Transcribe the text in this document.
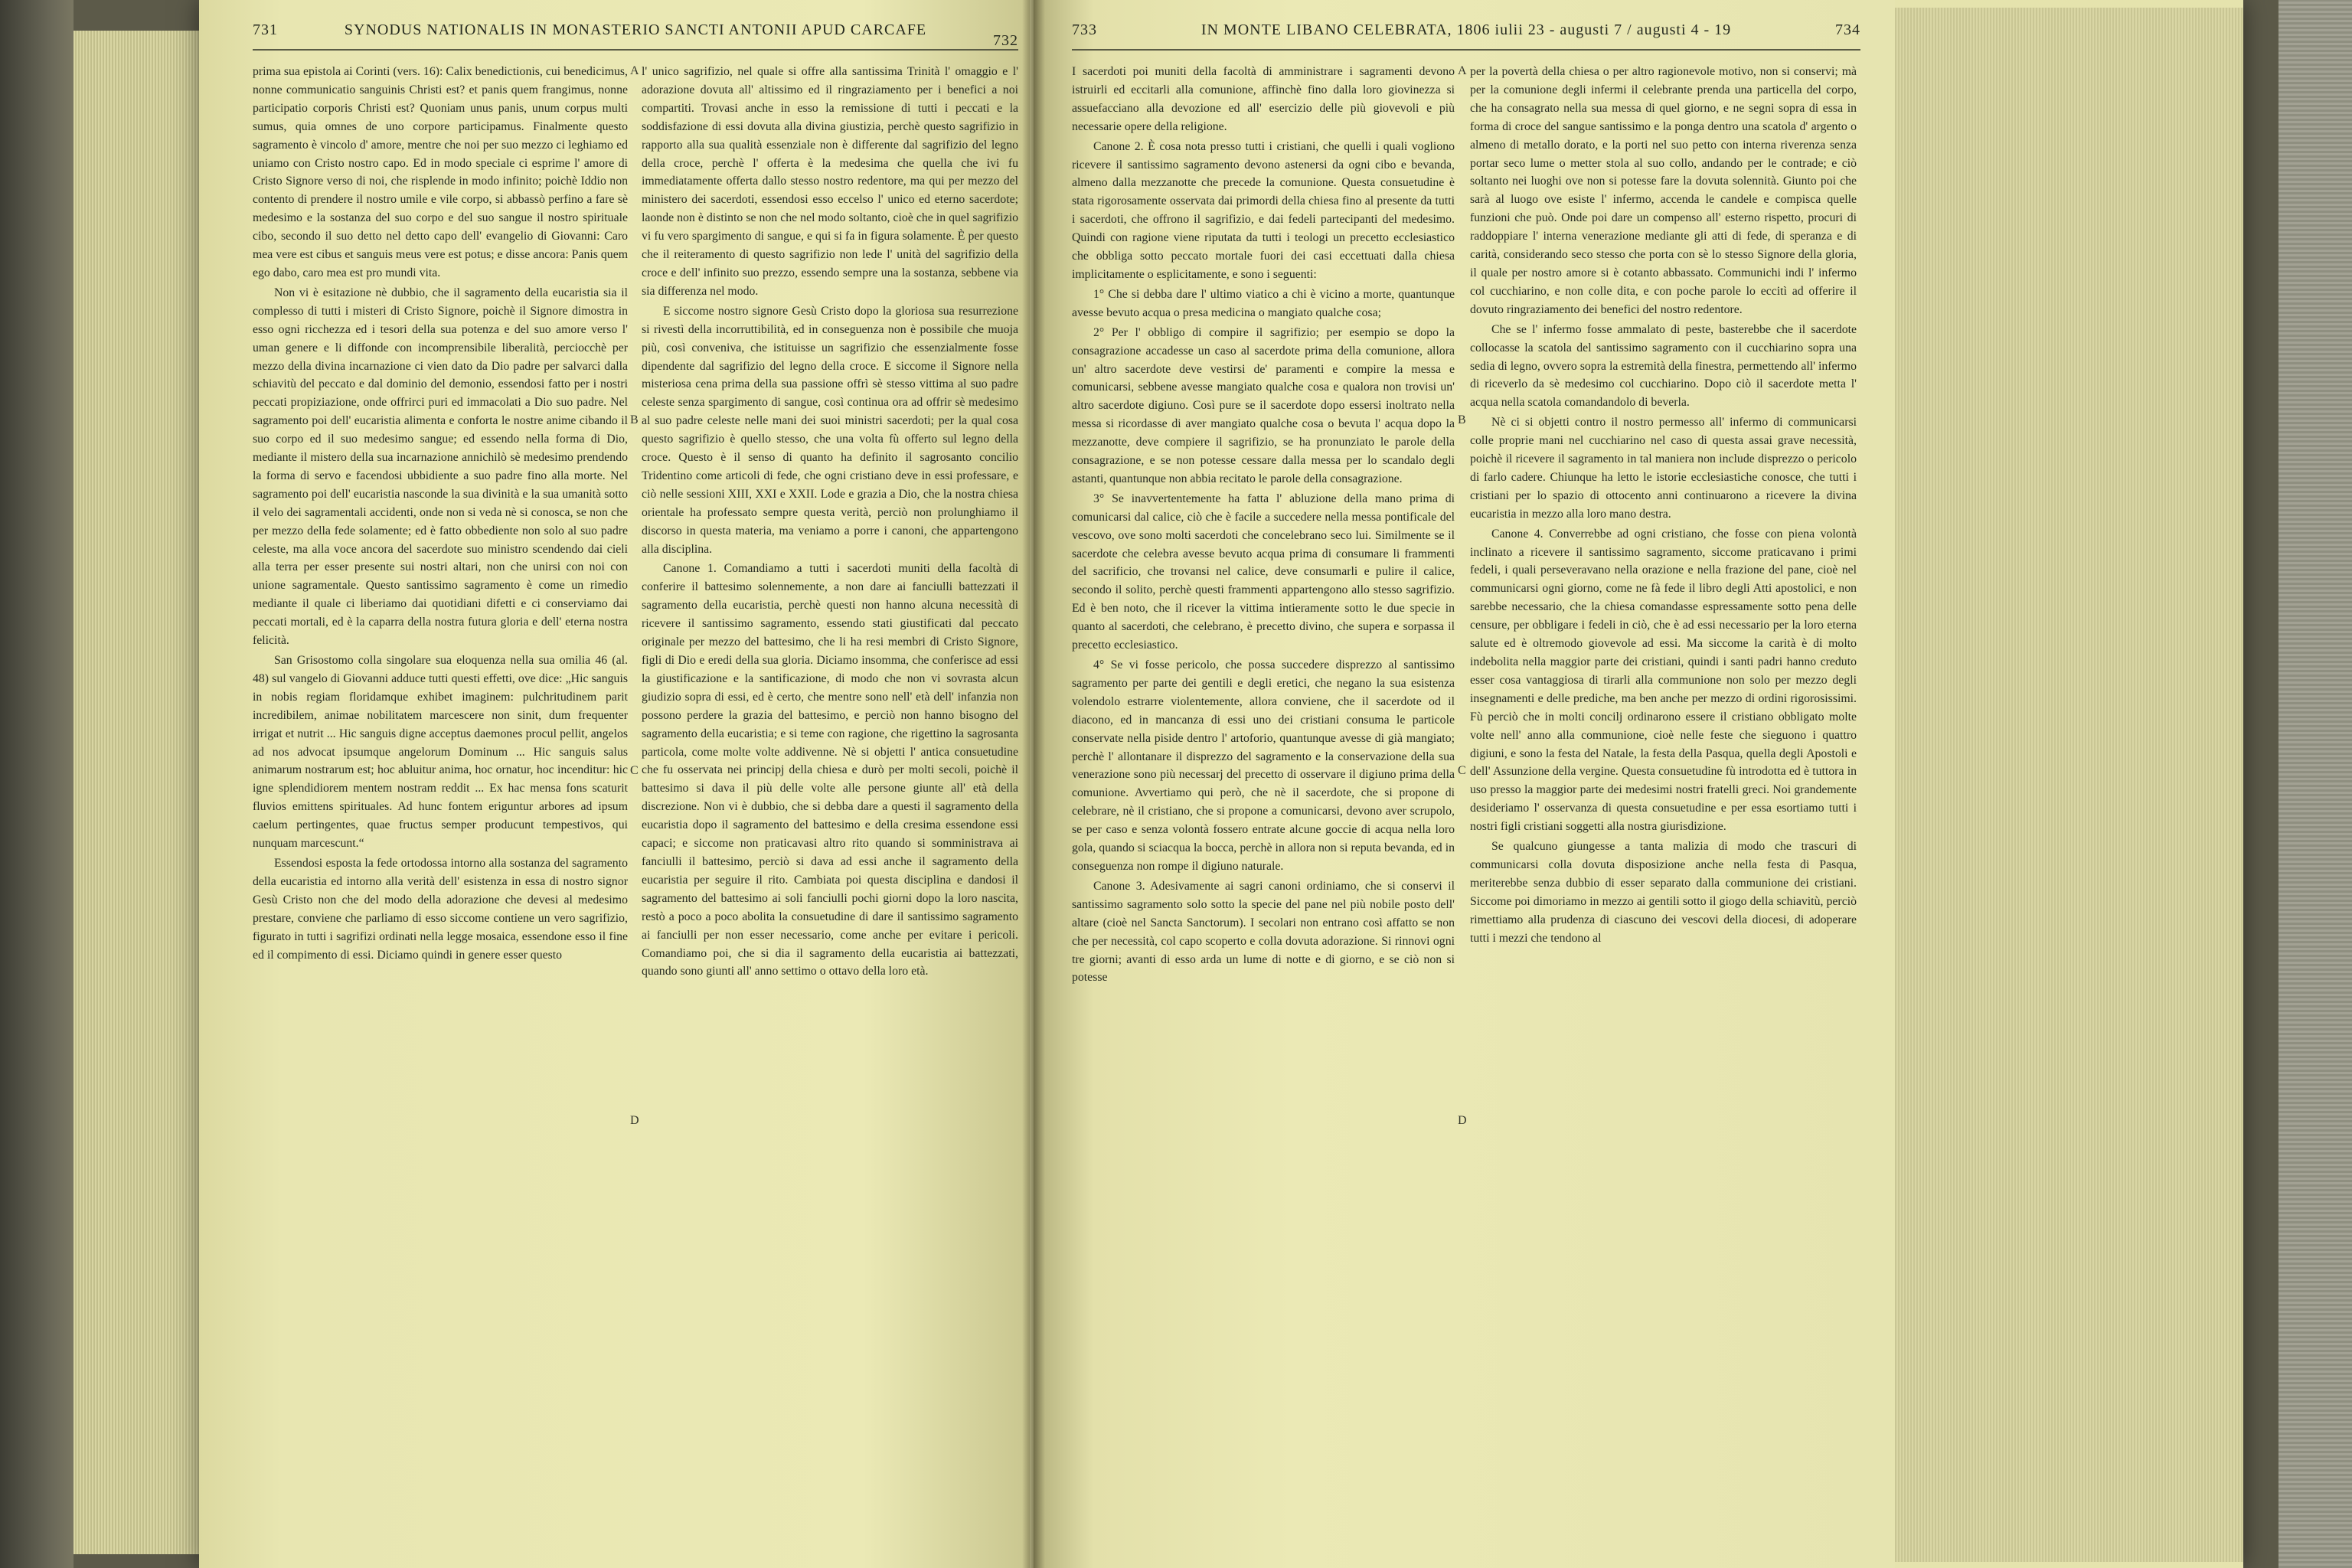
731	SYNODUS NATIONALIS IN MONASTERIO SANCTI ANTONII APUD CARCAFE
732

prima sua epistola ai Corinti (vers. 16): Calix benedictionis, cui benedicimus, nonne communicatio sanguinis Christi est? et panis quem frangimus, nonne participatio corporis Christi est? Quoniam unus panis, unum corpus multi sumus, quia omnes de uno corpore participamus. Finalmente questo sagramento è vincolo d' amore, mentre che noi per suo mezzo ci leghiamo ed uniamo con Cristo nostro capo. Ed in modo speciale ci esprime l' amore di Cristo Signore verso di noi, che risplende in modo infinito; poichè Iddio non contento di prendere il nostro umile e vile corpo, si abbassò perfino a fare sè medesimo e la sostanza del suo corpo e del suo sangue il nostro spirituale cibo, secondo il suo detto nel detto capo dell' evangelio di Giovanni: Caro mea vere est cibus et sanguis meus vere est potus; e disse ancora: Panis quem ego dabo, caro mea est pro mundi vita.

Non vi è esitazione nè dubbio, che il sagramento della eucaristia sia il complesso di tutti i misteri di Cristo Signore, poichè il Signore dimostra in esso ogni ricchezza ed i tesori della sua potenza e del suo amore verso l' uman genere e li diffonde con incomprensibile liberalità, perciocchè per mezzo della divina incarnazione ci vien dato da Dio padre per salvarci dalla schiavitù del peccato e dal dominio del demonio, essendosi fatto per i nostri peccati propiziazione, onde offrirci puri ed immacolati a Dio suo padre. Nel sagramento poi dell' eucaristia alimenta e conforta le nostre anime cibando il suo corpo ed il suo medesimo sangue; ed essendo nella forma di Dio, mediante il mistero della sua incarnazione annichilò sè medesimo prendendo la forma di servo e facendosi ubbidiente a suo padre fino alla morte. Nel sagramento poi dell' eucaristia nasconde la sua divinità e la sua umanità sotto il velo dei sagramentali accidenti, onde non si veda nè si conosca, se non che per mezzo della fede solamente; ed è fatto obbediente non solo al suo padre celeste, ma alla voce ancora del sacerdote suo ministro scendendo dai cieli alla terra per esser presente sui nostri altari, non che unirsi con noi con unione sagramentale. Questo santissimo sagramento è come un rimedio mediante il quale ci liberiamo dai quotidiani difetti e ci conserviamo dai peccati mortali, ed è la caparra della nostra futura gloria e dell' eterna nostra felicità.

San Grisostomo colla singolare sua eloquenza nella sua omilia 46 (al. 48) sul vangelo di Giovanni adduce tutti questi effetti, ove dice: „Hic sanguis in nobis regiam floridamque exhibet imaginem: pulchritudinem parit incredibilem, animae nobilitatem marcescere non sinit, dum frequenter irrigat et nutrit ... Hic sanguis digne acceptus daemones procul pellit, angelos ad nos advocat ipsumque angelorum Dominum ... Hic sanguis salus animarum nostrarum est; hoc abluitur anima, hoc ornatur, hoc incenditur: hic igne splendidiorem mentem nostram reddit ... Ex hac mensa fons scaturit fluvios emittens spirituales. Ad hunc fontem eriguntur arbores ad ipsum caelum pertingentes, quae fructus semper producunt tempestivos, qui nunquam marcescunt.“

Essendosi esposta la fede ortodossa intorno alla sostanza del sagramento della eucaristia ed intorno alla verità dell' esistenza in essa di nostro signor Gesù Cristo non che del modo della adorazione che devesi al medesimo prestare, conviene che parliamo di esso siccome contiene un vero sagrifizio, figurato in tutti i sagrifizi ordinati nella legge mosaica, essendone esso il fine ed il compimento di essi. Diciamo quindi in genere esser questo

A
B
C
D

l' unico sagrifizio, nel quale si offre alla santissima Trinità l' omaggio e l' adorazione dovuta all' altissimo ed il ringraziamento per i benefici a noi compartiti. Trovasi anche in esso la remissione di tutti i peccati e la soddisfazione di essi dovuta alla divina giustizia, perchè questo sagrifizio in rapporto alla sua qualità essenziale non è differente dal sagrifizio del legno della croce, perchè l' offerta è la medesima che quella che ivi fu immediatamente offerta dallo stesso nostro redentore, ma qui per mezzo del ministero dei sacerdoti, essendosi esso eccelso l' unico ed eterno sacerdote; laonde non è distinto se non che nel modo soltanto, cioè che in quel sagrifizio vi fu vero spargimento di sangue, e qui si fa in figura solamente. È per questo che il reiteramento di questo sagrifizio non lede l' unità del sagrifizio della croce e dell' infinito suo prezzo, essendo sempre una la sostanza, sebbene via sia differenza nel modo.

E siccome nostro signore Gesù Cristo dopo la gloriosa sua resurrezione si rivestì della incorruttibilità, ed in conseguenza non è possibile che muoja più, così conveniva, che istituisse un sagrifizio che essenzialmente fosse dipendente dal sagrifizio del legno della croce. E siccome il Signore nella misteriosa cena prima della sua passione offrì sè stesso vittima al suo padre celeste senza spargimento di sangue, così continua ora ad offrir sè medesimo al suo padre celeste nelle mani dei suoi ministri sacerdoti; per la qual cosa questo sagrifizio è quello stesso, che una volta fù offerto sul legno della croce. Questo è il senso di quanto ha definito il sagrosanto concilio Tridentino come articoli di fede, che ogni cristiano deve in essi professare, e ciò nelle sessioni XIII, XXI e XXII. Lode e grazia a Dio, che la nostra chiesa orientale ha professato sempre questa verità, perciò non prolunghiamo il discorso in questa materia, ma veniamo a porre i canoni, che appartengono alla disciplina.

Canone 1. Comandiamo a tutti i sacerdoti muniti della facoltà di conferire il battesimo solennemente, a non dare ai fanciulli battezzati il sagramento della eucaristia, perchè questi non hanno alcuna necessità di ricevere il santissimo sagramento, essendo stati giustificati dal peccato originale per mezzo del battesimo, che li ha resi membri di Cristo Signore, figli di Dio e eredi della sua gloria. Diciamo insomma, che conferisce ad essi la giustificazione e la santificazione, di modo che non vi sovrasta alcun giudizio sopra di essi, ed è certo, che mentre sono nell' età dell' infanzia non possono perdere la grazia del battesimo, e perciò non hanno bisogno del sagramento della eucaristia; e si teme con ragione, che rigettino la sagrosanta particola, come molte volte addivenne. Nè si objetti l' antica consuetudine che fu osservata nei principj della chiesa e durò per molti secoli, poichè il battesimo si dava il più delle volte alle persone giunte all' età della discrezione. Non vi è dubbio, che si debba dare a questi il sagramento della eucaristia dopo il sagramento del battesimo e della cresima essendone essi capaci; e siccome non praticavasi altro rito quando si somministrava ai fanciulli il battesimo, perciò si dava ad essi anche il sagramento della eucaristia per seguire il rito. Cambiata poi questa disciplina e dandosi il sagramento del battesimo ai soli fanciulli pochi giorni dopo la loro nascita, restò a poco a poco abolita la consuetudine di dare il santissimo sagramento ai fanciulli per non esser necessario, come anche per evitare i pericoli. Comandiamo poi, che si dia il sagramento della eucaristia ai battezzati, quando sono giunti all' anno settimo o ottavo della loro età.

733	IN MONTE LIBANO CELEBRATA, 1806 iulii 23 - augusti 7 / augusti 4 - 19	734

I sacerdoti poi muniti della facoltà di amministrare i sagramenti devono istruirli ed eccitarli alla comunione, affinchè fino dalla loro giovinezza si assuefacciano alla devozione ed all' esercizio delle più giovevoli e più necessarie opere della religione.

Canone 2. È cosa nota presso tutti i cristiani, che quelli i quali vogliono ricevere il santissimo sagramento devono astenersi da ogni cibo e bevanda, almeno dalla mezzanotte che precede la comunione. Questa consuetudine è stata rigorosamente osservata dai primordi della chiesa fino al presente da tutti i sacerdoti, che offrono il sagrifizio, e dai fedeli partecipanti del medesimo. Quindi con ragione viene riputata da tutti i teologi un precetto ecclesiastico che obbliga sotto peccato mortale fuori dei casi eccettuati dalla chiesa implicitamente o esplicitamente, e sono i seguenti:

1° Che si debba dare l' ultimo viatico a chi è vicino a morte, quantunque avesse bevuto acqua o presa medicina o mangiato qualche cosa;

2° Per l' obbligo di compire il sagrifizio; per esempio se dopo la consagrazione accadesse un caso al sacerdote prima della comunione, allora un' altro sacerdote deve vestirsi de' paramenti e compire la messa e comunicarsi, sebbene avesse mangiato qualche cosa e qualora non trovisi un' altro sacerdote digiuno. Così pure se il sacerdote dopo essersi inoltrato nella messa si ricordasse di aver mangiato qualche cosa o bevuta l' acqua dopo la mezzanotte, deve compiere il sagrifizio, se ha pronunziato le parole della consagrazione, e se non potesse cessare dalla messa per lo scandalo degli astanti, quantunque non abbia recitato le parole della consagrazione.

3° Se inavvertentemente ha fatta l' abluzione della mano prima di comunicarsi dal calice, ciò che è facile a succedere nella messa pontificale del vescovo, ove sono molti sacerdoti che concelebrano seco lui. Similmente se il sacerdote che celebra avesse bevuto acqua prima di consumare li frammenti del sacrificio, che trovansi nel calice, deve consumarli e pulire il calice, secondo il solito, perchè questi frammenti appartengono allo stesso sagrifizio. Ed è ben noto, che il ricever la vittima intieramente sotto le due specie in quanto al sacerdoti, che celebrano, è precetto divino, che supera e sorpassa il precetto ecclesiastico.

4° Se vi fosse pericolo, che possa succedere disprezzo al santissimo sagramento per parte dei gentili e degli eretici, che negano la sua esistenza volendolo estrarre violentemente, allora conviene, che il sacerdote od il diacono, ed in mancanza di essi uno dei cristiani consuma le particole conservate nella piside dentro l' artoforio, quantunque avesse di già mangiato; perchè l' allontanare il disprezzo del sagramento e la conservazione della sua venerazione sono più necessarj del precetto di osservare il digiuno prima della comunione. Avvertiamo qui però, che nè il sacerdote, che si propone di celebrare, nè il cristiano, che si propone a comunicarsi, devono aver scrupolo, se per caso e senza volontà fossero entrate alcune goccie di acqua nella loro gola, quando si sciacqua la bocca, perchè in allora non si reputa bevanda, ed in conseguenza non rompe il digiuno naturale.

Canone 3. Adesivamente ai sagri canoni ordiniamo, che si conservi il santissimo sagramento solo sotto la specie del pane nel più nobile posto dell' altare (cioè nel Sancta Sanctorum). I secolari non entrano così affatto se non che per necessità, col capo scoperto e colla dovuta adorazione. Si rinnovi ogni tre giorni; avanti di esso arda un lume di notte e di giorno, e se ciò non si potesse

A
B
C
D

per la povertà della chiesa o per altro ragionevole motivo, non si conservi; mà per la comunione degli infermi il celebrante prenda una particella del corpo, che ha consagrato nella sua messa di quel giorno, e ne segni sopra di essa in forma di croce del sangue santissimo e la ponga dentro una scatola d' argento o almeno di metallo dorato, e la porti nel suo petto con interna riverenza senza portar seco lume o metter stola al suo collo, andando per le contrade; e ciò soltanto nei luoghi ove non si potesse fare la dovuta solennità. Giunto poi che sarà al luogo ove esiste l' infermo, accenda le candele e compisca quelle funzioni che può. Onde poi dare un compenso all' esterno rispetto, procuri di raddoppiare l' interna venerazione mediante gli atti di fede, di speranza e di carità, considerando seco stesso che porta con sè lo stesso Signore della gloria, il quale per nostro amore si è cotanto abbassato. Communichi indi l' infermo col cucchiarino, e non colle dita, e con poche parole lo eccitì ad offerire il dovuto ringraziamento dei benefici del nostro redentore.

Che se l' infermo fosse ammalato di peste, basterebbe che il sacerdote collocasse la scatola del santissimo sagramento con il cucchiarino sopra una sedia di legno, ovvero sopra la estremità della finestra, permettendo all' infermo di riceverlo da sè medesimo col cucchiarino. Dopo ciò il sacerdote metta l' acqua nella scatola comandandolo di beverla.

Nè ci si objetti contro il nostro permesso all' infermo di communicarsi colle proprie mani nel cucchiarino nel caso di questa assai grave necessità, poichè il ricevere il sagramento in tal maniera non include disprezzo o pericolo di farlo cadere. Chiunque ha letto le istorie ecclesiastiche conosce, che tutti i cristiani per lo spazio di ottocento anni continuarono a ricevere la divina eucaristia in mezzo alla loro mano destra.

Canone 4. Converrebbe ad ogni cristiano, che fosse con piena volontà inclinato a ricevere il santissimo sagramento, siccome praticavano i primi fedeli, i quali perseveravano nella orazione e nella frazione del pane, cioè nel communicarsi ogni giorno, come ne fà fede il libro degli Atti apostolici, e non sarebbe necessario, che la chiesa comandasse espressamente sotto pena delle censure, per obbligare i fedeli in ciò, che è ad essi necessario per la loro eterna salute ed è oltremodo giovevole ad essi. Ma siccome la carità è di molto indebolita nella maggior parte dei cristiani, quindi i santi padri hanno creduto esser cosa vantaggiosa di tirarli alla communione non solo per mezzo degli insegnamenti e delle prediche, ma ben anche per mezzo di ordini rigorosissimi. Fù perciò che in molti concilj ordinarono essere il cristiano obbligato molte volte nell' anno alla communione, cioè nelle feste che sieguono i quattro digiuni, e sono la festa del Natale, la festa della Pasqua, quella degli Apostoli e dell' Assunzione della vergine. Questa consuetudine fù introdotta ed è tuttora in uso presso la maggior parte dei medesimi nostri fratelli greci. Noi grandemente desideriamo l' osservanza di questa consuetudine e per essa esortiamo tutti i nostri figli cristiani soggetti alla nostra giurisdizione.

Se qualcuno giungesse a tanta malizia di modo che trascuri di communicarsi colla dovuta disposizione anche nella festa di Pasqua, meriterebbe senza dubbio di esser separato dalla communione dei cristiani. Siccome poi dimoriamo in mezzo ai gentili sotto il giogo della schiavitù, perciò rimettiamo alla prudenza di ciascuno dei vescovi della diocesi, di adoperare tutti i mezzi che tendono al
